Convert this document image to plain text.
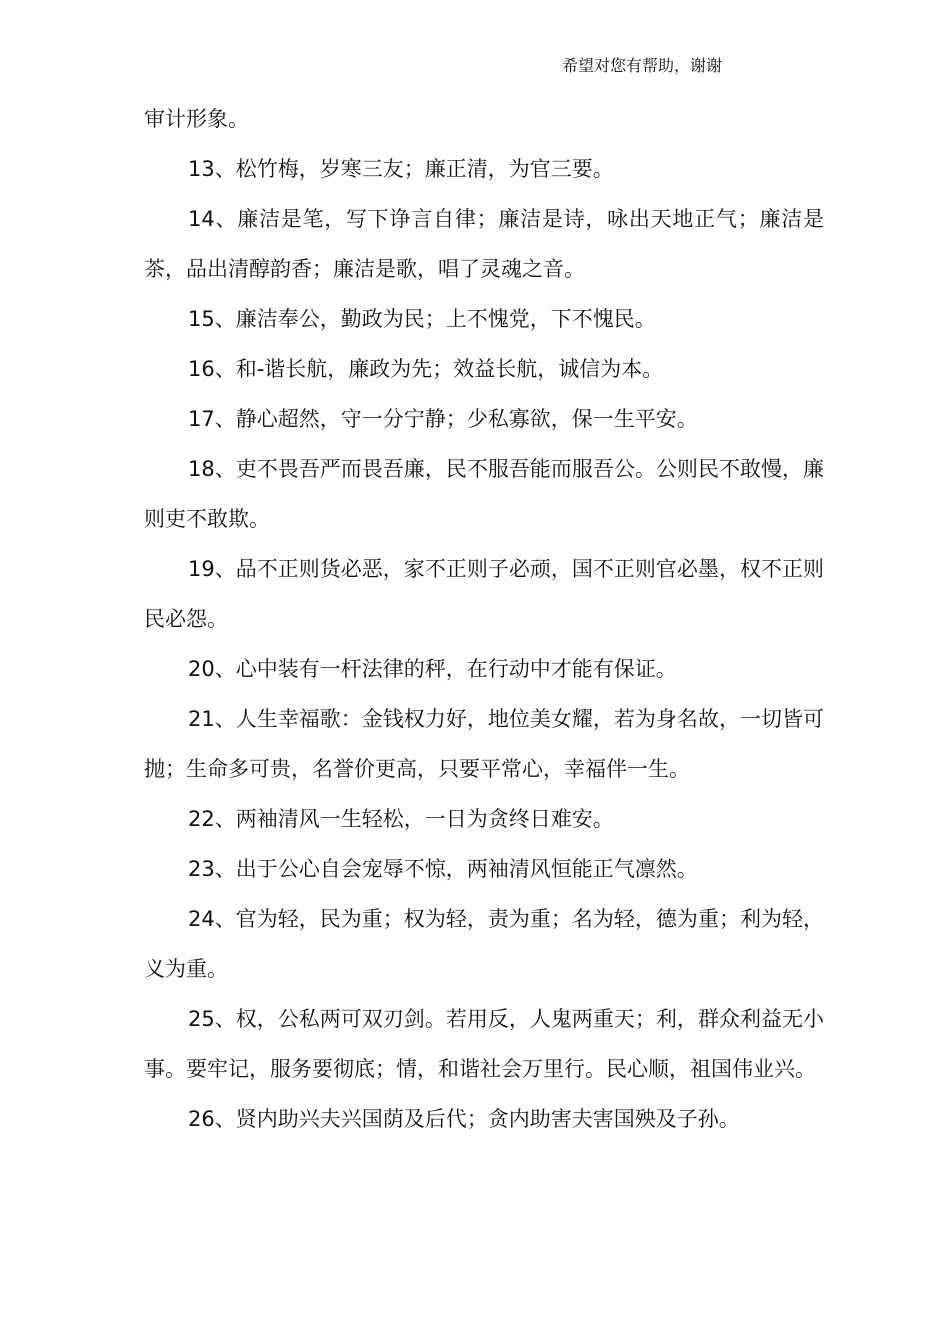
希望对您有帮助，谢谢

审计形象。

13、松竹梅，岁寒三友；廉正清，为官三要。

14、廉洁是笔，写下诤言自律；廉洁是诗，咏出天地正气；廉洁是茶，品出清醇韵香；廉洁是歌，唱了灵魂之音。

15、廉洁奉公，勤政为民；上不愧党，下不愧民。

16、和-谐长航，廉政为先；效益长航，诚信为本。

17、静心超然，守一分宁静；少私寡欲，保一生平安。

18、吏不畏吾严而畏吾廉，民不服吾能而服吾公。公则民不敢慢，廉则吏不敢欺。

19、品不正则货必恶，家不正则子必顽，国不正则官必墨，权不正则民必怨。

20、心中装有一杆法律的秤，在行动中才能有保证。

21、人生幸福歌：金钱权力好，地位美女耀，若为身名故，一切皆可抛；生命多可贵，名誉价更高，只要平常心，幸福伴一生。

22、两袖清风一生轻松，一日为贪终日难安。

23、出于公心自会宠辱不惊，两袖清风恒能正气凛然。

24、官为轻，民为重；权为轻，责为重；名为轻，德为重；利为轻，义为重。

25、权，公私两可双刃剑。若用反，人鬼两重天；利，群众利益无小事。要牢记，服务要彻底；情，和谐社会万里行。民心顺，祖国伟业兴。

26、贤内助兴夫兴国荫及后代；贪内助害夫害国殃及子孙。
